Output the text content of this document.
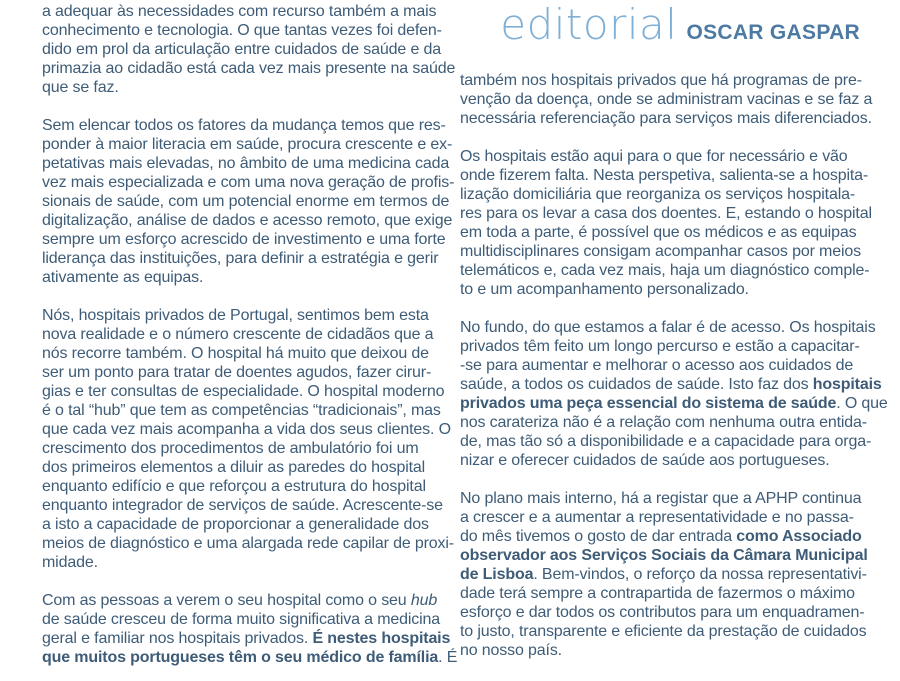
a adequar às necessidades com recurso também a mais
conhecimento e tecnologia. O que tantas vezes foi defen-
dido em prol da articulação entre cuidados de saúde e da
primazia ao cidadão está cada vez mais presente na saúde
que se faz.

Sem elencar todos os fatores da mudança temos que res-
ponder à maior literacia em saúde, procura crescente e ex-
petativas mais elevadas, no âmbito de uma medicina cada
vez mais especializada e com uma nova geração de profis-
sionais de saúde, com um potencial enorme em termos de
digitalização, análise de dados e acesso remoto, que exige
sempre um esforço acrescido de investimento e uma forte
liderança das instituições, para definir a estratégia e gerir
ativamente as equipas.

Nós, hospitais privados de Portugal, sentimos bem esta
nova realidade e o número crescente de cidadãos que a
nós recorre também. O hospital há muito que deixou de
ser um ponto para tratar de doentes agudos, fazer cirur-
gias e ter consultas de especialidade. O hospital moderno
é o tal “hub” que tem as competências “tradicionais”, mas
que cada vez mais acompanha a vida dos seus clientes. O
crescimento dos procedimentos de ambulatório foi um
dos primeiros elementos a diluir as paredes do hospital
enquanto edifício e que reforçou a estrutura do hospital
enquanto integrador de serviços de saúde. Acrescente-se
a isto a capacidade de proporcionar a generalidade dos
meios de diagnóstico e uma alargada rede capilar de proxi-
midade.

Com as pessoas a verem o seu hospital como o seu hub
de saúde cresceu de forma muito significativa a medicina
geral e familiar nos hospitais privados. É nestes hospitais
que muitos portugueses têm o seu médico de família. É

editorial OSCAR GASPAR

também nos hospitais privados que há programas de pre-
venção da doença, onde se administram vacinas e se faz a
necessária referenciação para serviços mais diferenciados.

Os hospitais estão aqui para o que for necessário e vão
onde fizerem falta. Nesta perspetiva, salienta-se a hospita-
lização domiciliária que reorganiza os serviços hospitala-
res para os levar a casa dos doentes. E, estando o hospital
em toda a parte, é possível que os médicos e as equipas
multidisciplinares consigam acompanhar casos por meios
telemáticos e, cada vez mais, haja um diagnóstico comple-
to e um acompanhamento personalizado.

No fundo, do que estamos a falar é de acesso. Os hospitais
privados têm feito um longo percurso e estão a capacitar-
-se para aumentar e melhorar o acesso aos cuidados de
saúde, a todos os cuidados de saúde. Isto faz dos hospitais
privados uma peça essencial do sistema de saúde. O que
nos carateriza não é a relação com nenhuma outra entida-
de, mas tão só a disponibilidade e a capacidade para orga-
nizar e oferecer cuidados de saúde aos portugueses.

No plano mais interno, há a registar que a APHP continua
a crescer e a aumentar a representatividade e no passa-
do mês tivemos o gosto de dar entrada como Associado
observador aos Serviços Sociais da Câmara Municipal
de Lisboa. Bem-vindos, o reforço da nossa representativi-
dade terá sempre a contrapartida de fazermos o máximo
esforço e dar todos os contributos para um enquadramen-
to justo, transparente e eficiente da prestação de cuidados
no nosso país.
